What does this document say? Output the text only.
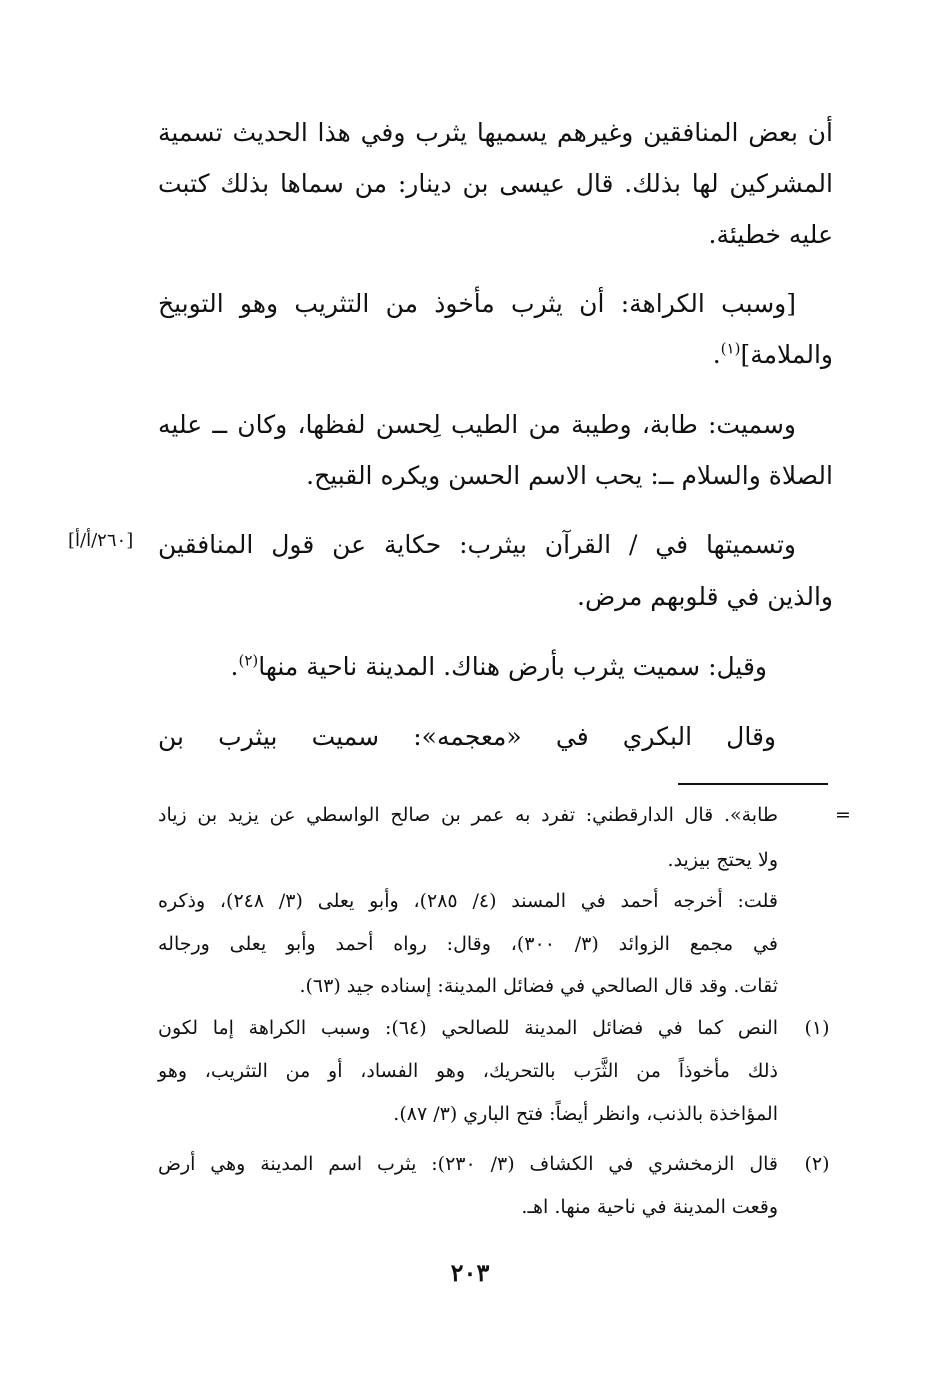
أن بعض المنافقين وغيرهم يسميها يثرب وفي هذا الحديث تسمية
المشركين لها بذلك. قال عيسى بن دينار: من سماها بذلك كتبت
عليه خطيئة.
[وسبب الكراهة: أن يثرب مأخوذ من التثريب وهو التوبيخ
والملامة]$^{(١)}$.
وسميت: طابة، وطيبة من الطيب لِحسن لفظها، وكان ــ عليه
الصلاة والسلام ــ: يحب الاسم الحسن ويكره القبيح.
وتسميتها في / القرآن بيثرب: حكاية عن قول المنافقين
[٢٦٠/أ/أ]
والذين في قلوبهم مرض.
وقيل: سميت يثرب بأرض هناك. المدينة ناحية منها$^{(٢)}$.
وقال البكري في «معجمه»: سميت بيثرب بن
=
طابة». قال الدارقطني: تفرد به عمر بن صالح الواسطي عن يزيد بن زياد
ولا يحتج بيزيد.
قلت: أخرجه أحمد في المسند (٤/ ٢٨٥)، وأبو يعلى (٣/ ٢٤٨)، وذكره
في مجمع الزوائد (٣/ ٣٠٠)، وقال: رواه أحمد وأبو يعلى ورجاله
ثقات. وقد قال الصالحي في فضائل المدينة: إسناده جيد (٦٣).
(١)
النص كما في فضائل المدينة للصالحي (٦٤): وسبب الكراهة إما لكون
ذلك مأخوذاً من الثَّرَب بالتحريك، وهو الفساد، أو من التثريب، وهو
المؤاخذة بالذنب، وانظر أيضاً: فتح الباري (٣/ ٨٧).
(٢)
قال الزمخشري في الكشاف (٣/ ٢٣٠): يثرب اسم المدينة وهي أرض
وقعت المدينة في ناحية منها. اهـ.
٢٠٣
